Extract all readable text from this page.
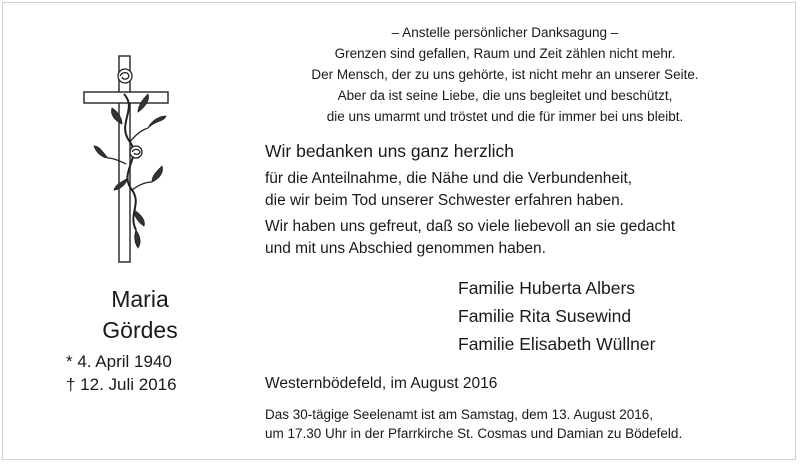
Maria
Gördes
* 4. April 1940
† 12. Juli 2016
– Anstelle persönlicher Danksagung –
Grenzen sind gefallen, Raum und Zeit zählen nicht mehr.
Der Mensch, der zu uns gehörte, ist nicht mehr an unserer Seite.
Aber da ist seine Liebe, die uns begleitet und beschützt,
die uns umarmt und tröstet und die für immer bei uns bleibt.
Wir bedanken uns ganz herzlich
für die Anteilnahme, die Nähe und die Verbundenheit,
die wir beim Tod unserer Schwester erfahren haben.
Wir haben uns gefreut, daß so viele liebevoll an sie gedacht
und mit uns Abschied genommen haben.
Familie Huberta Albers
Familie Rita Susewind
Familie Elisabeth Wüllner
Westernbödefeld, im August 2016
Das 30-tägige Seelenamt ist am Samstag, dem 13. August 2016,
um 17.30 Uhr in der Pfarrkirche St. Cosmas und Damian zu Bödefeld.
